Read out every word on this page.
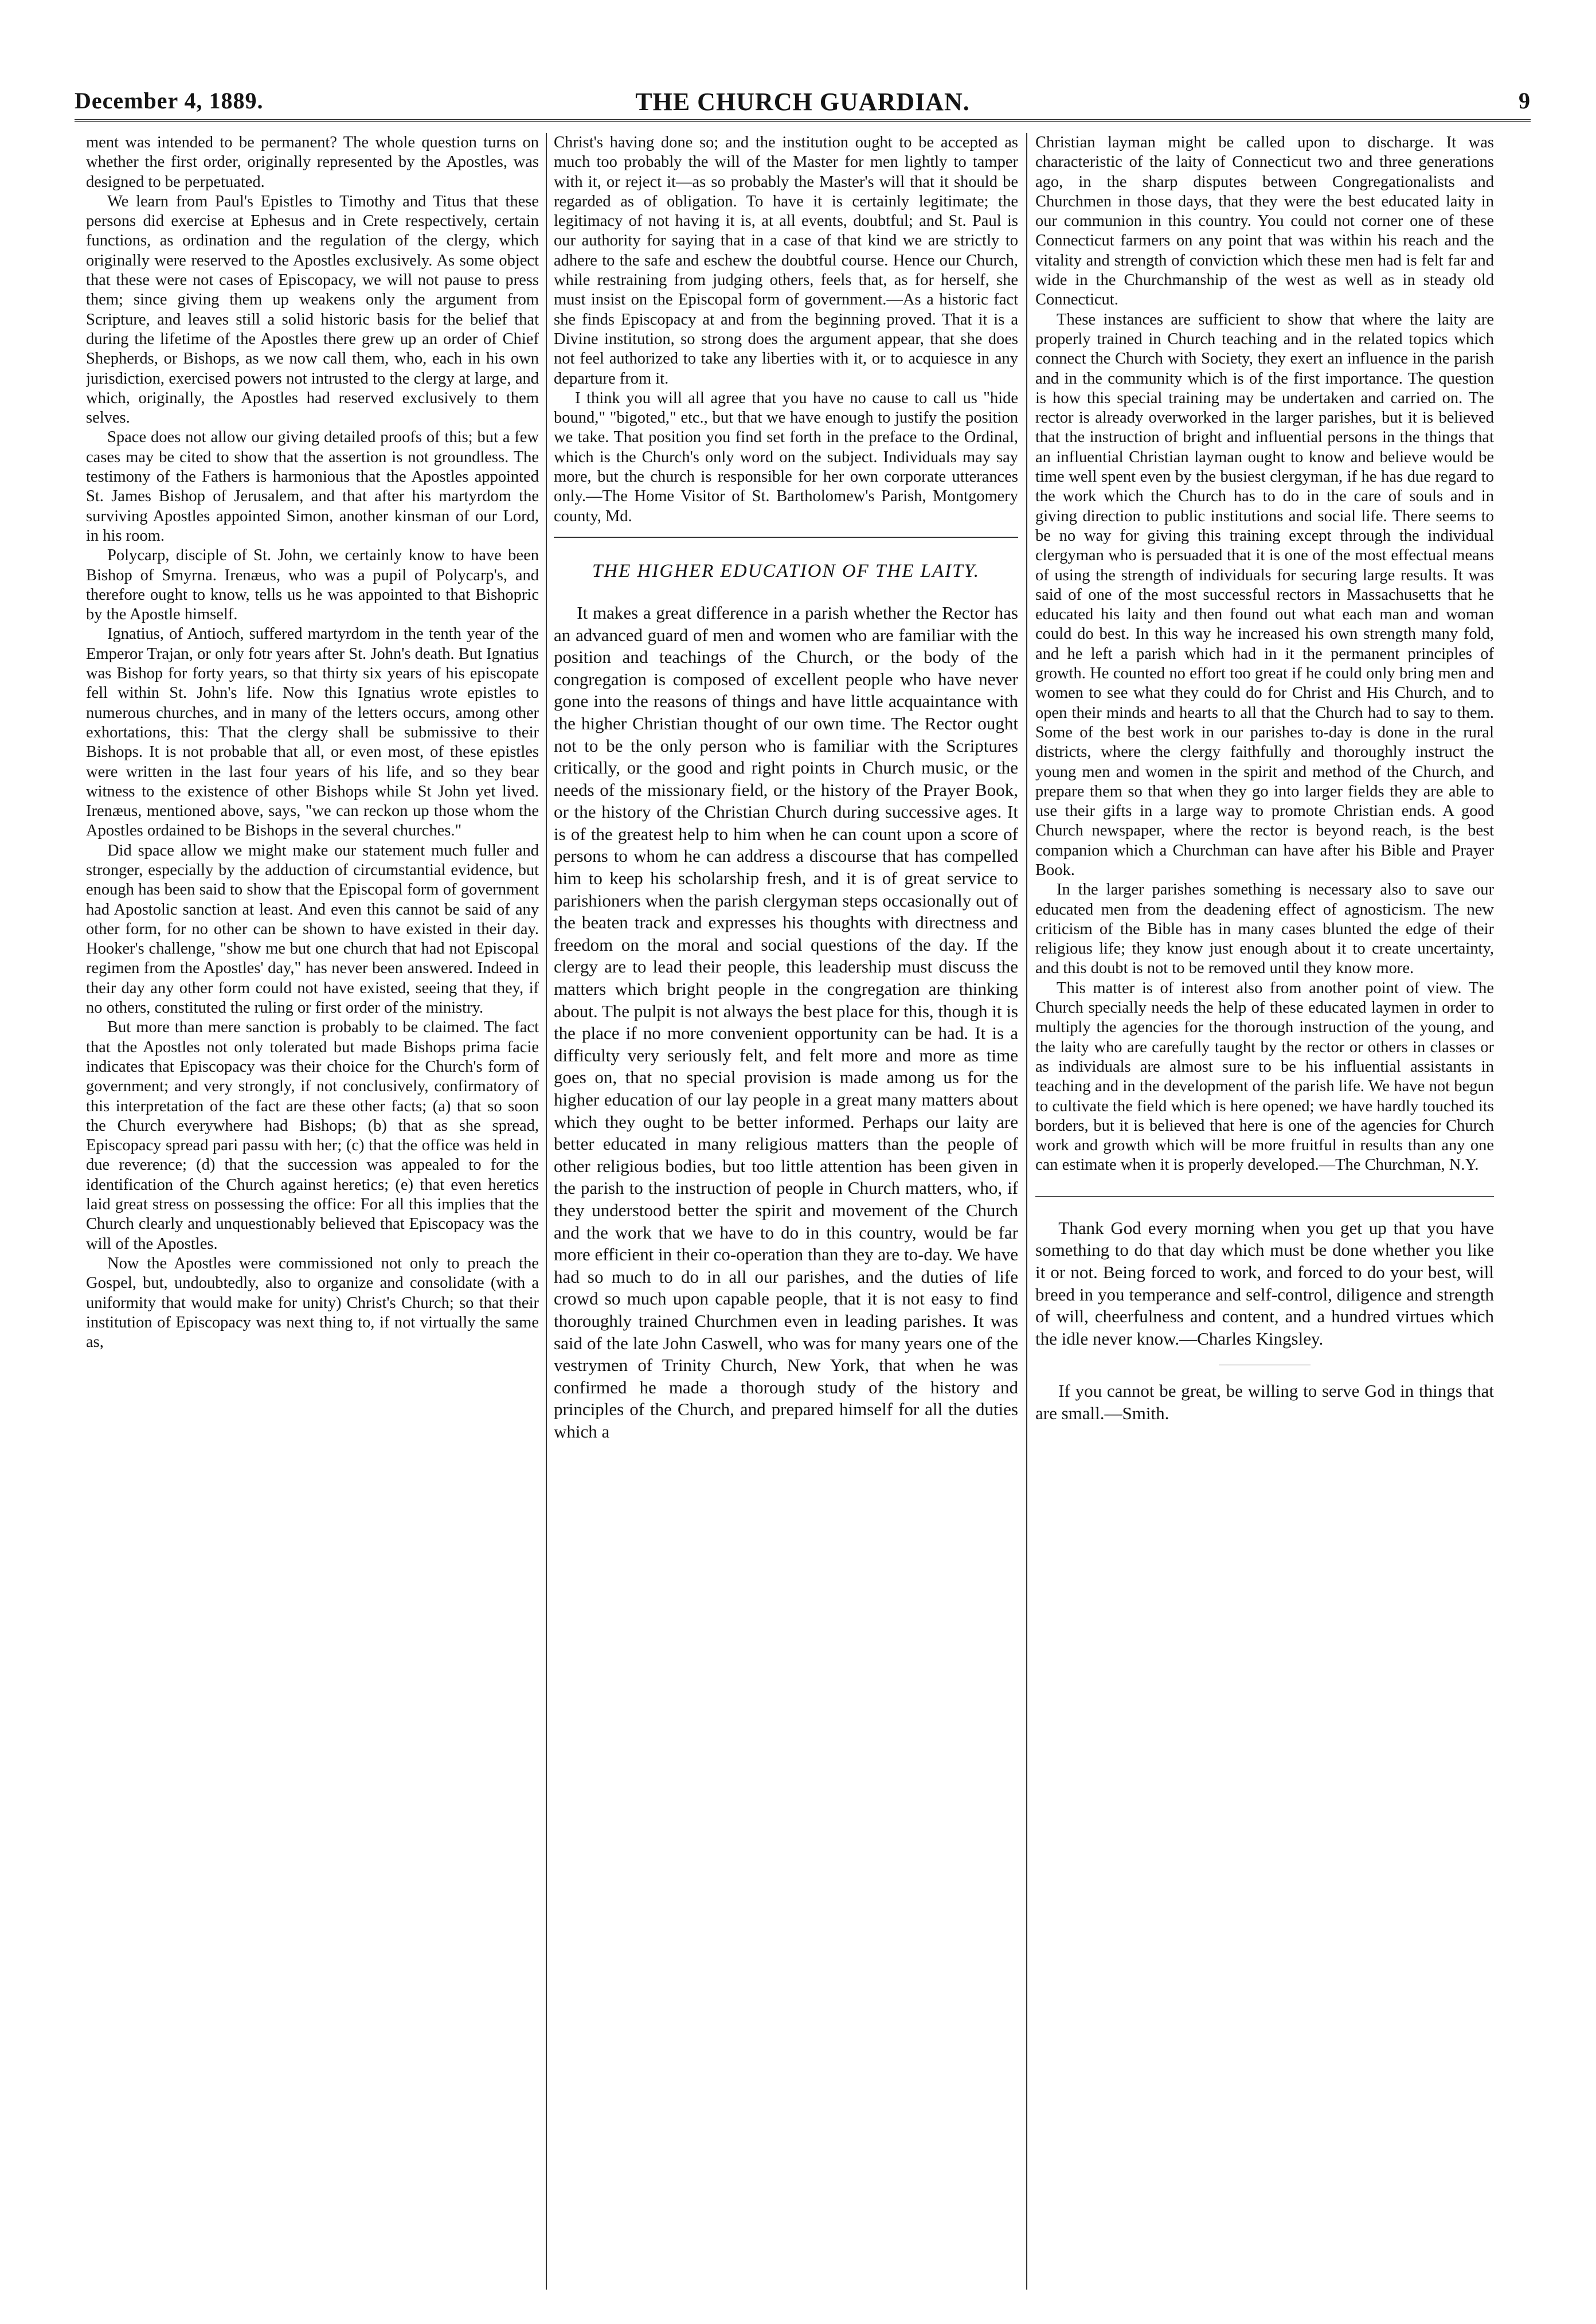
December 4, 1889.	THE CHURCH GUARDIAN.	9

ment was intended to be permanent? The whole question turns on whether the first order, originally represented by the Apostles, was designed to be perpetuated.

We learn from Paul's Epistles to Timothy and Titus that these persons did exercise at Ephesus and in Crete respectively, certain functions, as ordination and the regulation of the clergy, which originally were reserved to the Apostles exclusively. As some object that these were not cases of Episcopacy, we will not pause to press them; since giving them up weakens only the argument from Scripture, and leaves still a solid historic basis for the belief that during the lifetime of the Apostles there grew up an order of Chief Shepherds, or Bishops, as we now call them, who, each in his own jurisdiction, exercised powers not intrusted to the clergy at large, and which, originally, the Apostles had reserved exclusively to them selves.

Space does not allow our giving detailed proofs of this; but a few cases may be cited to show that the assertion is not groundless. The testimony of the Fathers is harmonious that the Apostles appointed St. James Bishop of Jerusalem, and that after his martyrdom the surviving Apostles appointed Simon, another kinsman of our Lord, in his room.

Polycarp, disciple of St. John, we certainly know to have been Bishop of Smyrna. Irenæus, who was a pupil of Polycarp's, and therefore ought to know, tells us he was appointed to that Bishopric by the Apostle himself.

Ignatius, of Antioch, suffered martyrdom in the tenth year of the Emperor Trajan, or only fotr years after St. John's death. But Ignatius was Bishop for forty years, so that thirty six years of his episcopate fell within St. John's life. Now this Ignatius wrote epistles to numerous churches, and in many of the letters occurs, among other exhortations, this: That the clergy shall be submissive to their Bishops. It is not probable that all, or even most, of these epistles were written in the last four years of his life, and so they bear witness to the existence of other Bishops while St John yet lived. Irenæus, mentioned above, says, "we can reckon up those whom the Apostles ordained to be Bishops in the several churches."

Did space allow we might make our statement much fuller and stronger, especially by the adduction of circumstantial evidence, but enough has been said to show that the Episcopal form of government had Apostolic sanction at least. And even this cannot be said of any other form, for no other can be shown to have existed in their day. Hooker's challenge, "show me but one church that had not Episcopal regimen from the Apostles' day," has never been answered. Indeed in their day any other form could not have existed, seeing that they, if no others, constituted the ruling or first order of the ministry.

But more than mere sanction is probably to be claimed. The fact that the Apostles not only tolerated but made Bishops prima facie indicates that Episcopacy was their choice for the Church's form of government; and very strongly, if not conclusively, confirmatory of this interpretation of the fact are these other facts; (a) that so soon the Church everywhere had Bishops; (b) that as she spread, Episcopacy spread pari passu with her; (c) that the office was held in due reverence; (d) that the succession was appealed to for the identification of the Church against heretics; (e) that even heretics laid great stress on possessing the office: For all this implies that the Church clearly and unquestionably believed that Episcopacy was the will of the Apostles.

Now the Apostles were commissioned not only to preach the Gospel, but, undoubtedly, also to organize and consolidate (with a uniformity that would make for unity) Christ's Church; so that their institution of Episcopacy was next thing to, if not virtually the same as,

Christ's having done so; and the institution ought to be accepted as much too probably the will of the Master for men lightly to tamper with it, or reject it—as so probably the Master's will that it should be regarded as of obligation. To have it is certainly legitimate; the legitimacy of not having it is, at all events, doubtful; and St. Paul is our authority for saying that in a case of that kind we are strictly to adhere to the safe and eschew the doubtful course. Hence our Church, while restraining from judging others, feels that, as for herself, she must insist on the Episcopal form of government.—As a historic fact she finds Episcopacy at and from the beginning proved. That it is a Divine institution, so strong does the argument appear, that she does not feel authorized to take any liberties with it, or to acquiesce in any departure from it.

I think you will all agree that you have no cause to call us "hide bound," "bigoted," etc., but that we have enough to justify the position we take. That position you find set forth in the preface to the Ordinal, which is the Church's only word on the subject. Individuals may say more, but the church is responsible for her own corporate utterances only.—The Home Visitor of St. Bartholomew's Parish, Montgomery county, Md.

THE HIGHER EDUCATION OF THE LAITY.

It makes a great difference in a parish whether the Rector has an advanced guard of men and women who are familiar with the position and teachings of the Church, or the body of the congregation is composed of excellent people who have never gone into the reasons of things and have little acquaintance with the higher Christian thought of our own time. The Rector ought not to be the only person who is familiar with the Scriptures critically, or the good and right points in Church music, or the needs of the missionary field, or the history of the Prayer Book, or the history of the Christian Church during successive ages. It is of the greatest help to him when he can count upon a score of persons to whom he can address a discourse that has compelled him to keep his scholarship fresh, and it is of great service to parishioners when the parish clergyman steps occasionally out of the beaten track and expresses his thoughts with directness and freedom on the moral and social questions of the day. If the clergy are to lead their people, this leadership must discuss the matters which bright people in the congregation are thinking about. The pulpit is not always the best place for this, though it is the place if no more convenient opportunity can be had. It is a difficulty very seriously felt, and felt more and more as time goes on, that no special provision is made among us for the higher education of our lay people in a great many matters about which they ought to be better informed. Perhaps our laity are better educated in many religious matters than the people of other religious bodies, but too little attention has been given in the parish to the instruction of people in Church matters, who, if they understood better the spirit and movement of the Church and the work that we have to do in this country, would be far more efficient in their co-operation than they are to-day. We have had so much to do in all our parishes, and the duties of life crowd so much upon capable people, that it is not easy to find thoroughly trained Churchmen even in leading parishes. It was said of the late John Caswell, who was for many years one of the vestrymen of Trinity Church, New York, that when he was confirmed he made a thorough study of the history and principles of the Church, and prepared himself for all the duties which a

Christian layman might be called upon to discharge. It was characteristic of the laity of Connecticut two and three generations ago, in the sharp disputes between Congregationalists and Churchmen in those days, that they were the best educated laity in our communion in this country. You could not corner one of these Connecticut farmers on any point that was within his reach and the vitality and strength of conviction which these men had is felt far and wide in the Churchmanship of the west as well as in steady old Connecticut.

These instances are sufficient to show that where the laity are properly trained in Church teaching and in the related topics which connect the Church with Society, they exert an influence in the parish and in the community which is of the first importance. The question is how this special training may be undertaken and carried on. The rector is already overworked in the larger parishes, but it is believed that the instruction of bright and influential persons in the things that an influential Christian layman ought to know and believe would be time well spent even by the busiest clergyman, if he has due regard to the work which the Church has to do in the care of souls and in giving direction to public institutions and social life. There seems to be no way for giving this training except through the individual clergyman who is persuaded that it is one of the most effectual means of using the strength of individuals for securing large results. It was said of one of the most successful rectors in Massachusetts that he educated his laity and then found out what each man and woman could do best. In this way he increased his own strength many fold, and he left a parish which had in it the permanent principles of growth. He counted no effort too great if he could only bring men and women to see what they could do for Christ and His Church, and to open their minds and hearts to all that the Church had to say to them. Some of the best work in our parishes to-day is done in the rural districts, where the clergy faithfully and thoroughly instruct the young men and women in the spirit and method of the Church, and prepare them so that when they go into larger fields they are able to use their gifts in a large way to promote Christian ends. A good Church newspaper, where the rector is beyond reach, is the best companion which a Churchman can have after his Bible and Prayer Book.

In the larger parishes something is necessary also to save our educated men from the deadening effect of agnosticism. The new criticism of the Bible has in many cases blunted the edge of their religious life; they know just enough about it to create uncertainty, and this doubt is not to be removed until they know more.

This matter is of interest also from another point of view. The Church specially needs the help of these educated laymen in order to multiply the agencies for the thorough instruction of the young, and the laity who are carefully taught by the rector or others in classes or as individuals are almost sure to be his influential assistants in teaching and in the development of the parish life. We have not begun to cultivate the field which is here opened; we have hardly touched its borders, but it is believed that here is one of the agencies for Church work and growth which will be more fruitful in results than any one can estimate when it is properly developed.—The Churchman, N.Y.

Thank God every morning when you get up that you have something to do that day which must be done whether you like it or not. Being forced to work, and forced to do your best, will breed in you temperance and self-control, diligence and strength of will, cheerfulness and content, and a hundred virtues which the idle never know.—Charles Kingsley.

If you cannot be great, be willing to serve God in things that are small.—Smith.
